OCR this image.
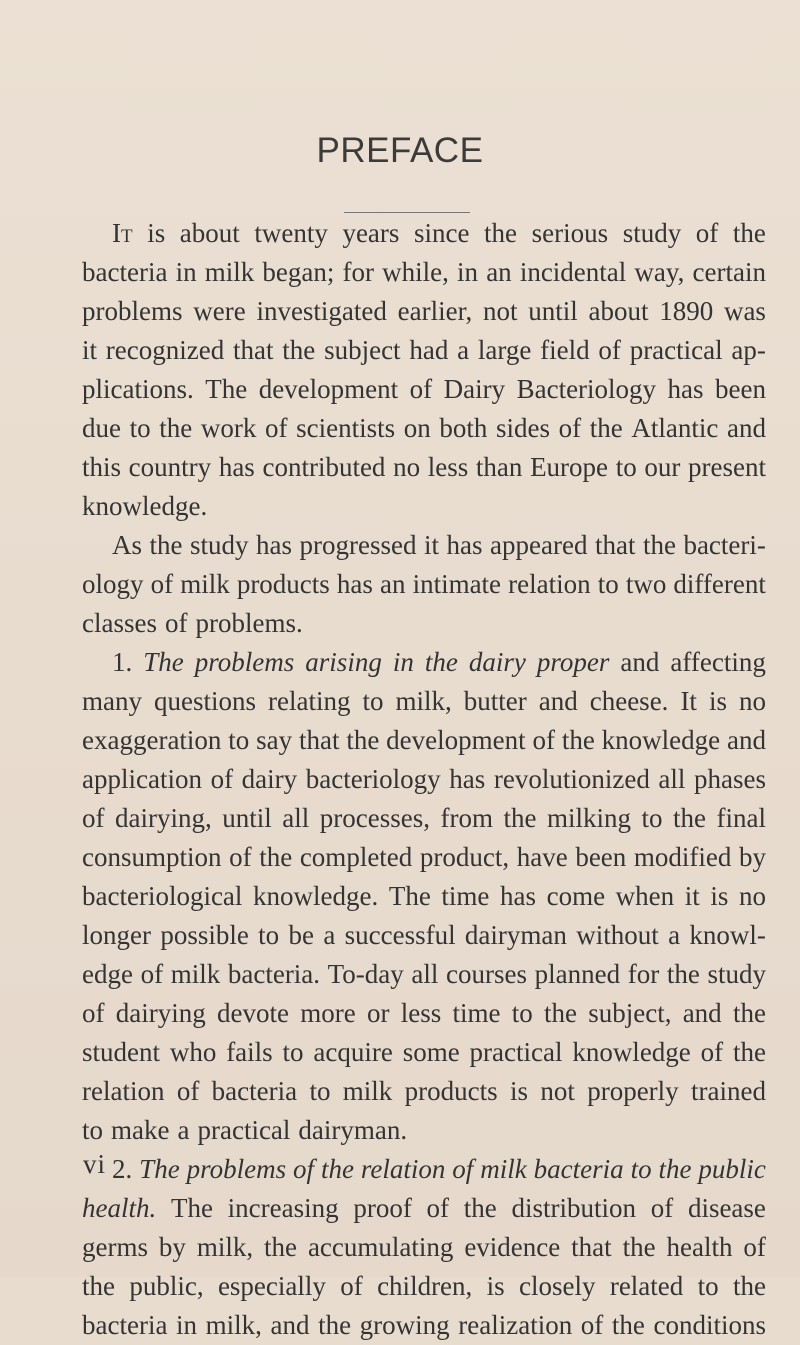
PREFACE
It is about twenty years since the serious study of the
bacteria in milk began; for while, in an incidental way, certain
problems were investigated earlier, not until about 1890 was
it recognized that the subject had a large field of practical ap-
plications. The development of Dairy Bacteriology has been
due to the work of scientists on both sides of the Atlantic and
this country has contributed no less than Europe to our present
knowledge.
As the study has progressed it has appeared that the bacteri-
ology of milk products has an intimate relation to two different
classes of problems.
1. The problems arising in the dairy proper and affecting
many questions relating to milk, butter and cheese. It is no
exaggeration to say that the development of the knowledge and
application of dairy bacteriology has revolutionized all phases
of dairying, until all processes, from the milking to the final
consumption of the completed product, have been modified by
bacteriological knowledge. The time has come when it is no
longer possible to be a successful dairyman without a knowl-
edge of milk bacteria. To-day all courses planned for the study
of dairying devote more or less time to the subject, and the
student who fails to acquire some practical knowledge of the
relation of bacteria to milk products is not properly trained
to make a practical dairyman.
2. The problems of the relation of milk bacteria to the public
health. The increasing proof of the distribution of disease
germs by milk, the accumulating evidence that the health of
the public, especially of children, is closely related to the
bacteria in milk, and the growing realization of the conditions
vi
